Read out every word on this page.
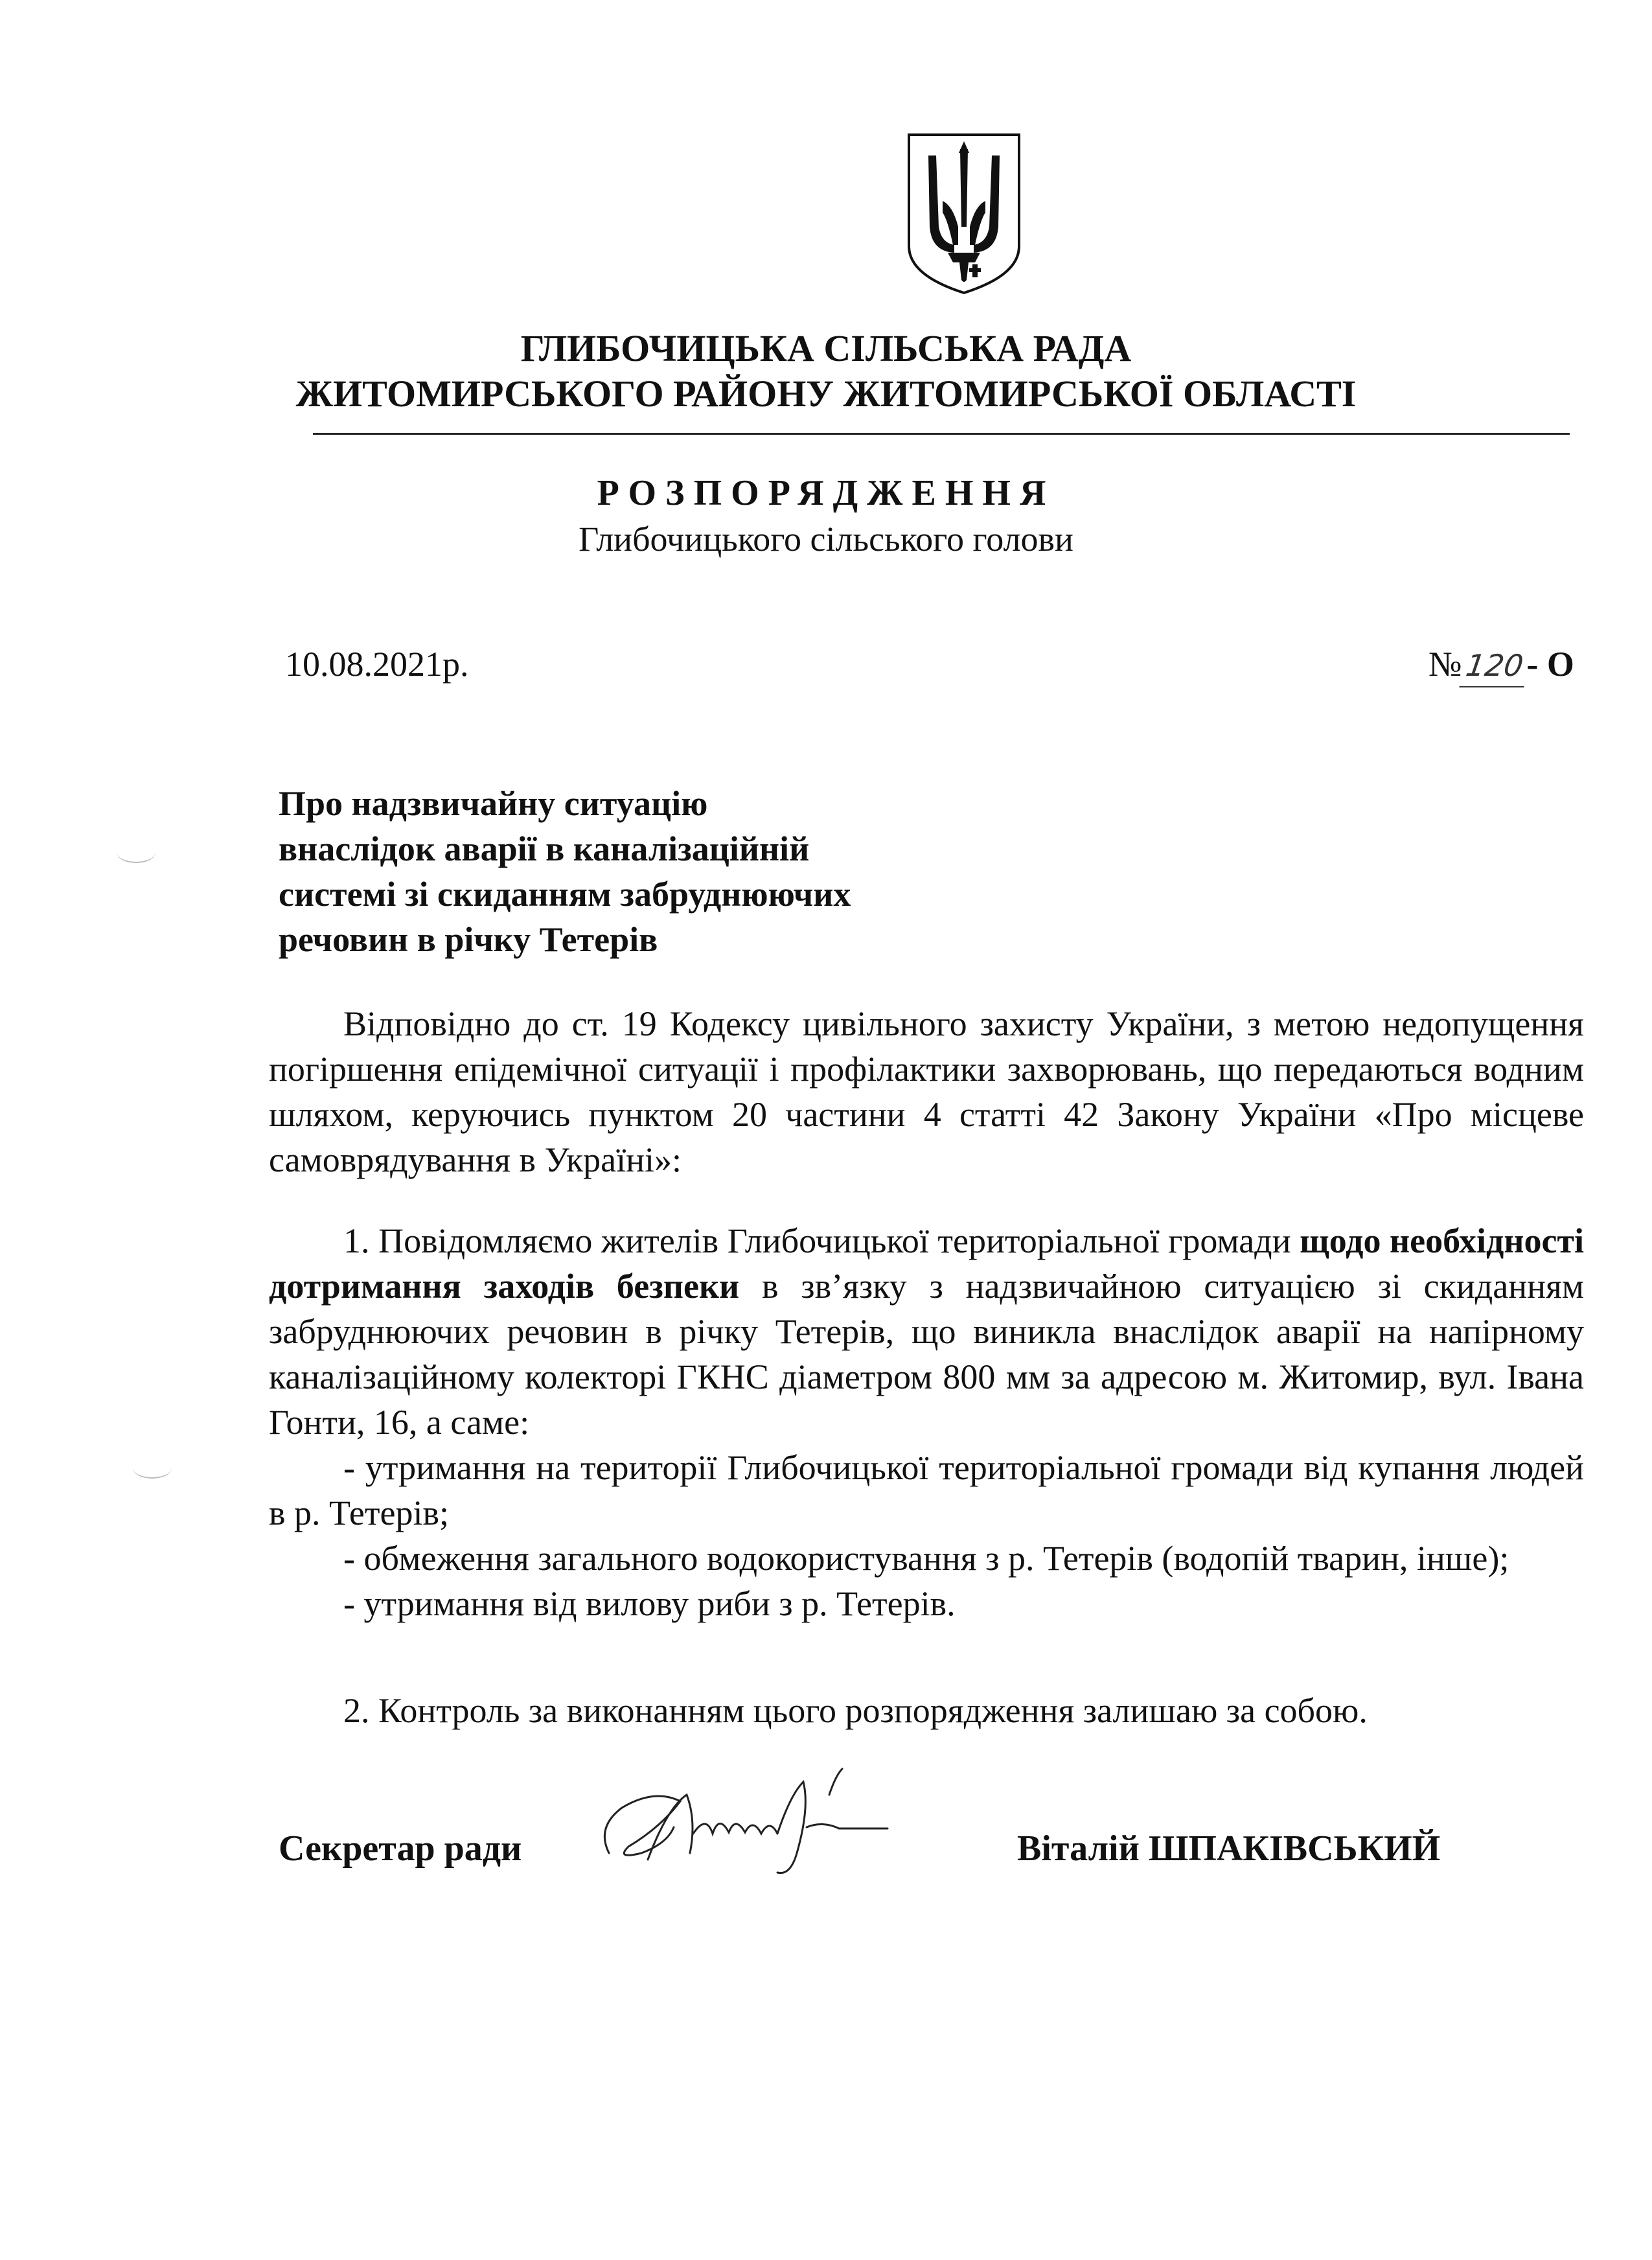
ГЛИБОЧИЦЬКА СІЛЬСЬКА РАДА
ЖИТОМИРСЬКОГО РАЙОНУ ЖИТОМИРСЬКОЇ ОБЛАСТІ
РОЗПОРЯДЖЕННЯ
Глибочицького сільського голови
10.08.2021р.	№120- О
Про надзвичайну ситуацію
внаслідок аварії в каналізаційній
системі зі скиданням забруднюючих
речовин в річку Тетерів
Відповідно до ст. 19 Кодексу цивільного захисту України, з метою недопущення погіршення епідемічної ситуації і профілактики захворювань, що передаються водним шляхом, керуючись пунктом 20 частини 4 статті 42 Закону України «Про місцеве самоврядування в Україні»:
1. Повідомляємо жителів Глибочицької територіальної громади щодо необхідності дотримання заходів безпеки в зв’язку з надзвичайною ситуацією зі скиданням забруднюючих речовин в річку Тетерів, що виникла внаслідок аварії на напірному каналізаційному колекторі ГКНС діаметром 800 мм за адресою м. Житомир, вул. Івана Гонти, 16, а саме:
- утримання на території Глибочицької територіальної громади від купання людей в р. Тетерів;
- обмеження загального водокористування з р. Тетерів (водопій тварин, інше);
- утримання від вилову риби з р. Тетерів.
2. Контроль за виконанням цього розпорядження залишаю за собою.
Секретар ради	Віталій ШПАКІВСЬКИЙ
